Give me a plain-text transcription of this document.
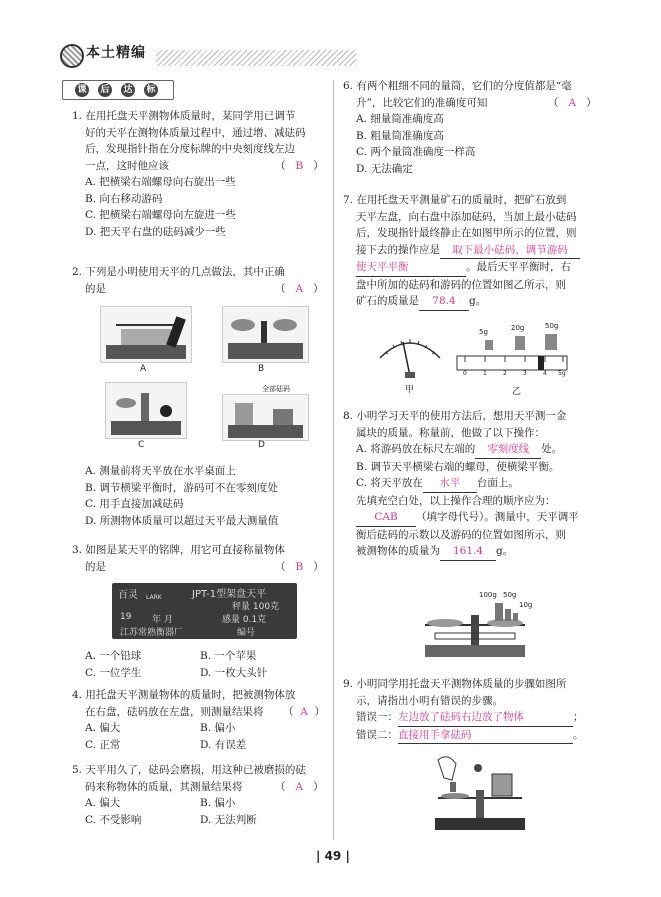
本土精编
课 后 达 标
1. 在用托盘天平测物体质量时，某同学用已调节
好的天平在测物体质量过程中，通过增、减砝码
后，发现指针指在分度标牌的中央刻度线左边
一点，这时他应该	（   B   ）
A. 把横梁右端螺母向右旋出一些
B. 向右移动游码
C. 把横梁右端螺母向左旋进一些
D. 把天平右盘的砝码减少一些
2. 下列是小明使用天平的几点做法，其中正确
的是	（   A   ）
A	B
C
全部砝码
D
A. 测量前将天平放在水平桌面上
B. 调节横梁平衡时，游码可不在零刻度处
C. 用手直接加减砝码
D. 所测物体质量可以超过天平最大测量值
3. 如图是某天平的铭牌，用它可直接称量物体
的是	（   B   ）
百灵 LARK	JPT-1型架盘天平
秤量 100克
19 年 月	感量 0.1克
江苏常熟衡器厂	编号
A. 一个铅球	B. 一个苹果
C. 一位学生	D. 一枚大头针
4. 用托盘天平测量物体的质量时，把被测物体放
在右盘，砝码放在左盘，则测量结果将	（  A  ）
A. 偏大	B. 偏小
C. 正常	D. 有误差
5. 天平用久了，砝码会磨损，用这种已被磨损的砝
码来称物体的质量，其测量结果将	（   A   ）
A. 偏大	B. 偏小
C. 不受影响	D. 无法判断
6. 有两个粗细不同的量筒，它们的分度值都是“毫
升”，比较它们的准确度可知	（   A   ）
A. 细量筒准确度高
B. 粗量筒准确度高
C. 两个量筒准确度一样高
D. 无法确定
7. 在用托盘天平测量矿石的质量时，把矿石放到
天平左盘，向右盘中添加砝码，当加上最小砝码
后，发现指针最终静止在如图甲所示的位置，则
接下去的操作应是 取下最小砝码，调节游码
使天平平衡	。最后天平平衡时，右
盘中所加的砝码和游码的位置如图乙所示，则
矿石的质量是 78.4 g。
甲
5g	20g	50g
0	1	2	3	4 5g
乙
8. 小明学习天平的使用方法后，想用天平测一金
属块的质量。称量前，他做了以下操作：
A. 将游码放在标尺左端的 零刻度线 处。
B. 调节天平横梁右端的螺母，使横梁平衡。
C. 将天平放在 水平 台面上。
先填充空白处，以上操作合理的顺序应为：
CAB （填字母代号）。测量中，天平调平
衡后砝码的示数以及游码的位置如图所示，则
被测物体的质量为 161.4 g。
100g 50g
10g
9. 小明同学用托盘天平测物体质量的步骤如图所
示，请指出小明有错误的步骤。
错误一：左边放了砝码右边放了物体	；
错误二：直接用手拿砝码	。
| 49 |
